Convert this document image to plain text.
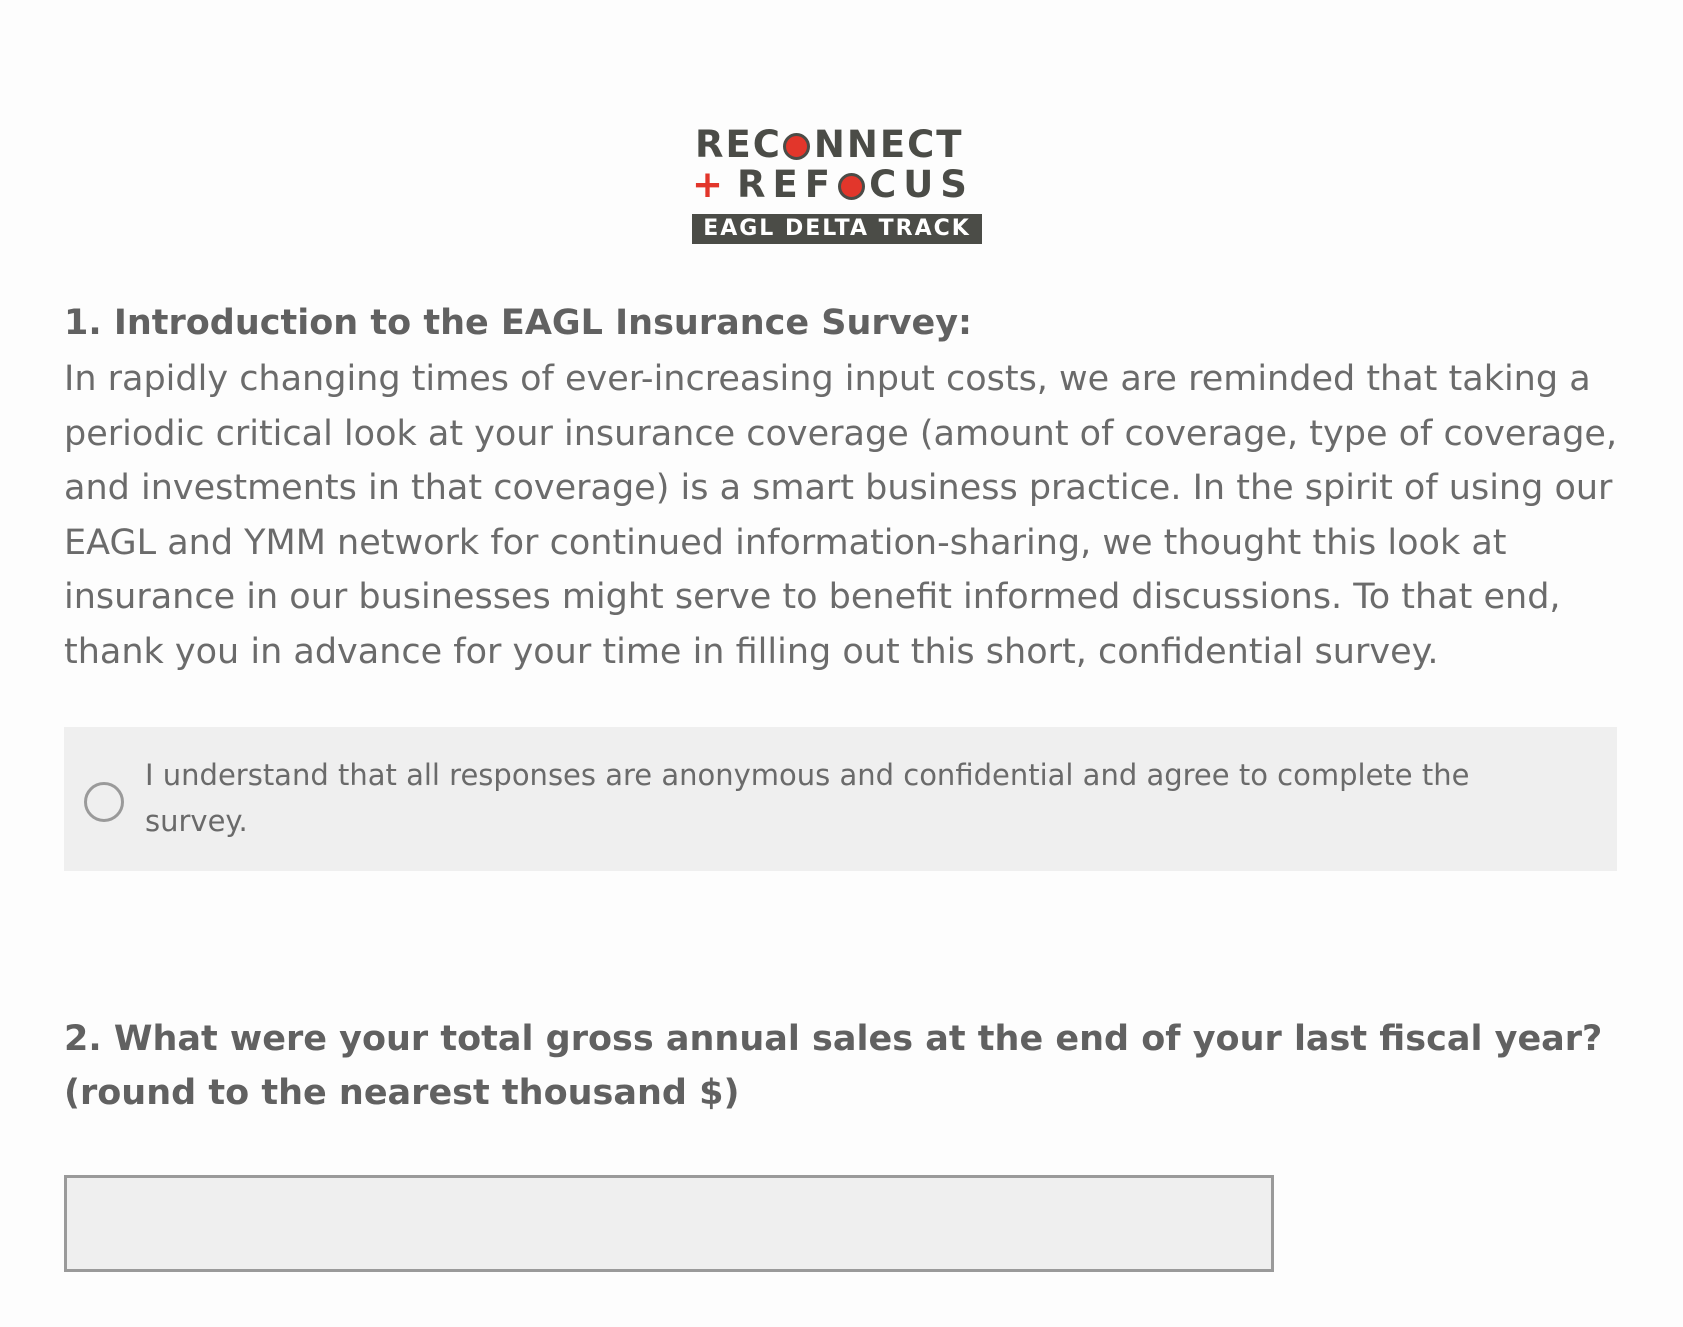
REC NNECT
+ REF CUS
EAGL DELTA TRACK
1. Introduction to the EAGL Insurance Survey:
In rapidly changing times of ever-increasing input costs, we are reminded that taking a periodic critical look at your insurance coverage (amount of coverage, type of coverage, and investments in that coverage) is a smart business practice. In the spirit of using our EAGL and YMM network for continued information-sharing, we thought this look at insurance in our businesses might serve to benefit informed discussions. To that end, thank you in advance for your time in filling out this short, confidential survey.
I understand that all responses are anonymous and confidential and agree to complete the survey.
2. What were your total gross annual sales at the end of your last fiscal year? (round to the nearest thousand $)
